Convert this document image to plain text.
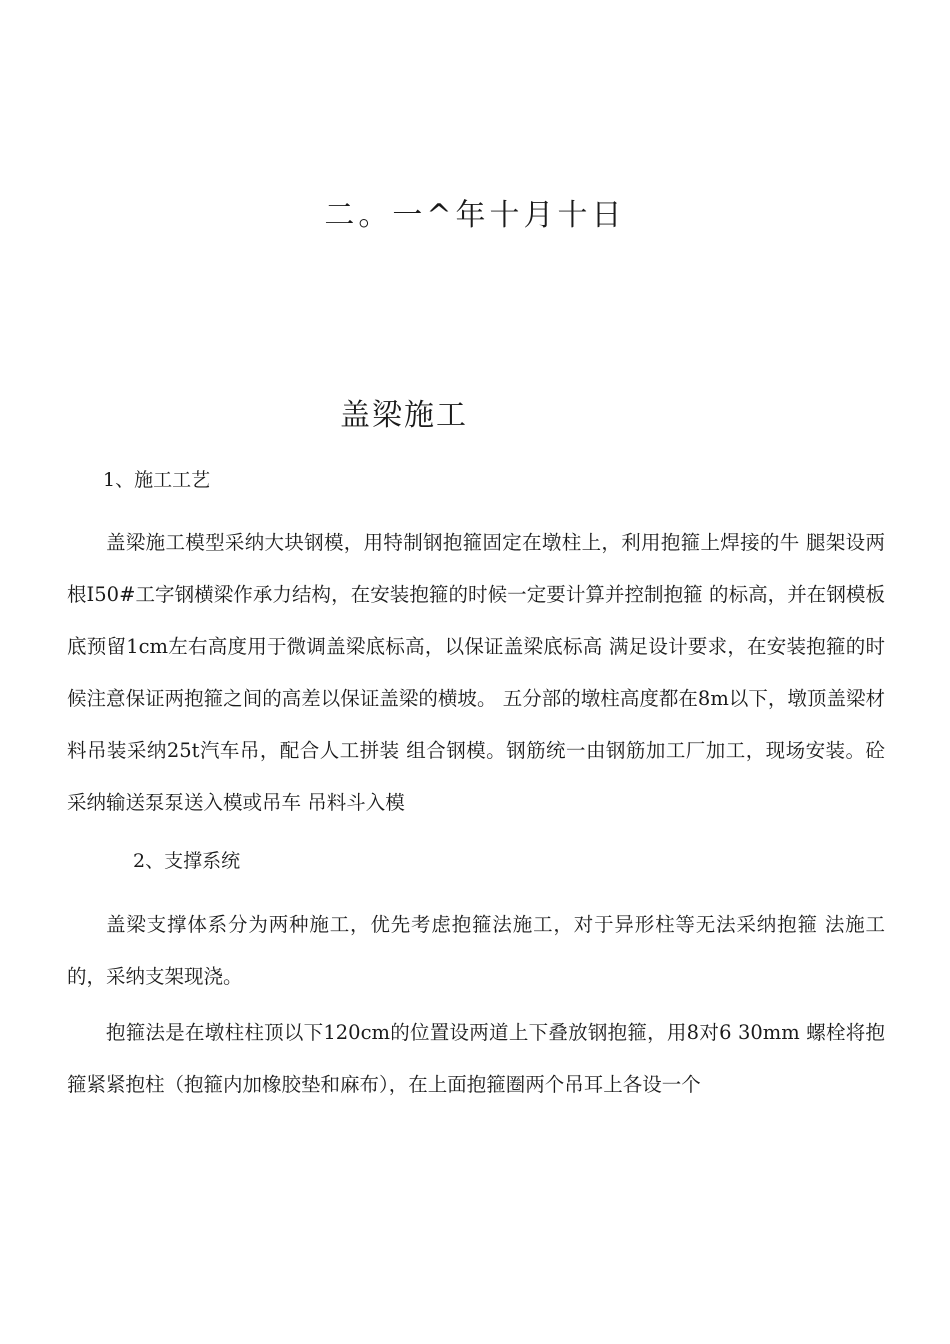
二。一^年十月十日
盖梁施工
1、施工工艺

盖梁施工模型采纳大块钢模，用特制钢抱箍固定在墩柱上，利用抱箍上焊接的牛 腿架设两根I50#工字钢横梁作承力结构，在安装抱箍的时候一定要计算并控制抱箍 的标高，并在钢模板底预留1cm左右高度用于微调盖梁底标高，以保证盖梁底标高 满足设计要求，在安装抱箍的时候注意保证两抱箍之间的高差以保证盖梁的横坡。 五分部的墩柱高度都在8m以下，墩顶盖梁材料吊装采纳25t汽车吊，配合人工拼装 组合钢模。钢筋统一由钢筋加工厂加工，现场安装。砼采纳输送泵泵送入模或吊车 吊料斗入模

2、支撑系统

盖梁支撑体系分为两种施工，优先考虑抱箍法施工，对于异形柱等无法采纳抱箍 法施工的，采纳支架现浇。

抱箍法是在墩柱柱顶以下120cm的位置设两道上下叠放钢抱箍，用8对6 30mm 螺栓将抱箍紧紧抱柱（抱箍内加橡胶垫和麻布），在上面抱箍圈两个吊耳上各设一个
